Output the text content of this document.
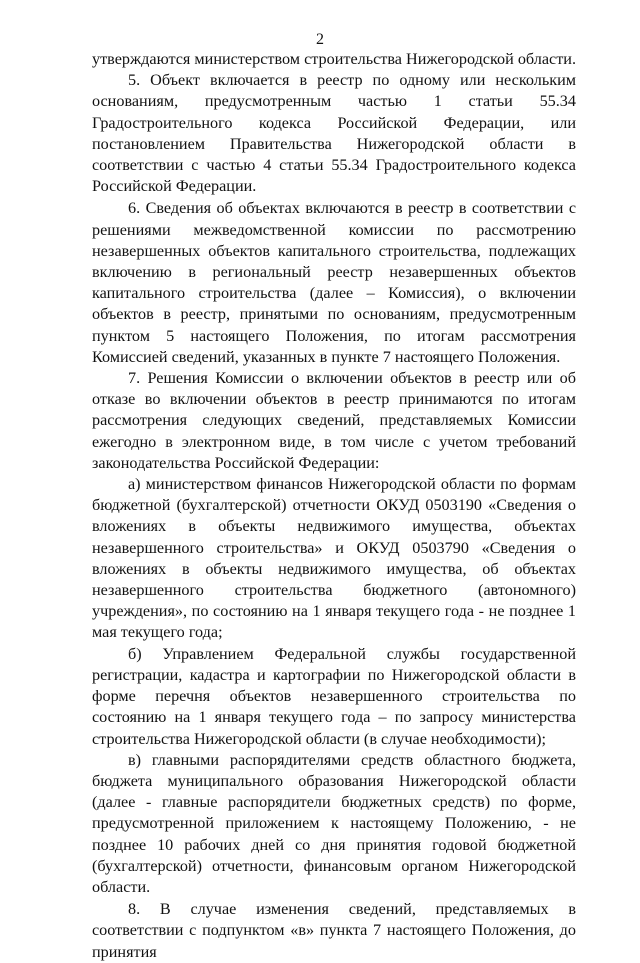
2

утверждаются министерством строительства Нижегородской области.

5. Объект включается в реестр по одному или нескольким основаниям, предусмотренным частью 1 статьи 55.34 Градостроительного кодекса Российской Федерации, или постановлением Правительства Нижегородской области в соответствии с частью 4 статьи 55.34 Градостроительного кодекса Российской Федерации.

6. Сведения об объектах включаются в реестр в соответствии с решениями межведомственной комиссии по рассмотрению незавершенных объектов капитального строительства, подлежащих включению в региональный реестр незавершенных объектов капитального строительства (далее – Комиссия), о включении объектов в реестр, принятыми по основаниям, предусмотренным пунктом 5 настоящего Положения, по итогам рассмотрения Комиссией сведений, указанных в пункте 7 настоящего Положения.

7. Решения Комиссии о включении объектов в реестр или об отказе во включении объектов в реестр принимаются по итогам рассмотрения следующих сведений, представляемых Комиссии ежегодно в электронном виде, в том числе с учетом требований законодательства Российской Федерации:

а) министерством финансов Нижегородской области по формам бюджетной (бухгалтерской) отчетности ОКУД 0503190 «Сведения о вложениях в объекты недвижимого имущества, объектах незавершенного строительства» и ОКУД 0503790 «Сведения о вложениях в объекты недвижимого имущества, об объектах незавершенного строительства бюджетного (автономного) учреждения», по состоянию на 1 января текущего года - не позднее 1 мая текущего года;

б) Управлением Федеральной службы государственной регистрации, кадастра и картографии по Нижегородской области в форме перечня объектов незавершенного строительства по состоянию на 1 января текущего года – по запросу министерства строительства Нижегородской области (в случае необходимости);

в) главными распорядителями средств областного бюджета, бюджета муниципального образования Нижегородской области (далее - главные распорядители бюджетных средств) по форме, предусмотренной приложением к настоящему Положению, - не позднее 10 рабочих дней со дня принятия годовой бюджетной (бухгалтерской) отчетности, финансовым органом Нижегородской области.

8. В случае изменения сведений, представляемых в соответствии с подпунктом «в» пункта 7 настоящего Положения, до принятия
